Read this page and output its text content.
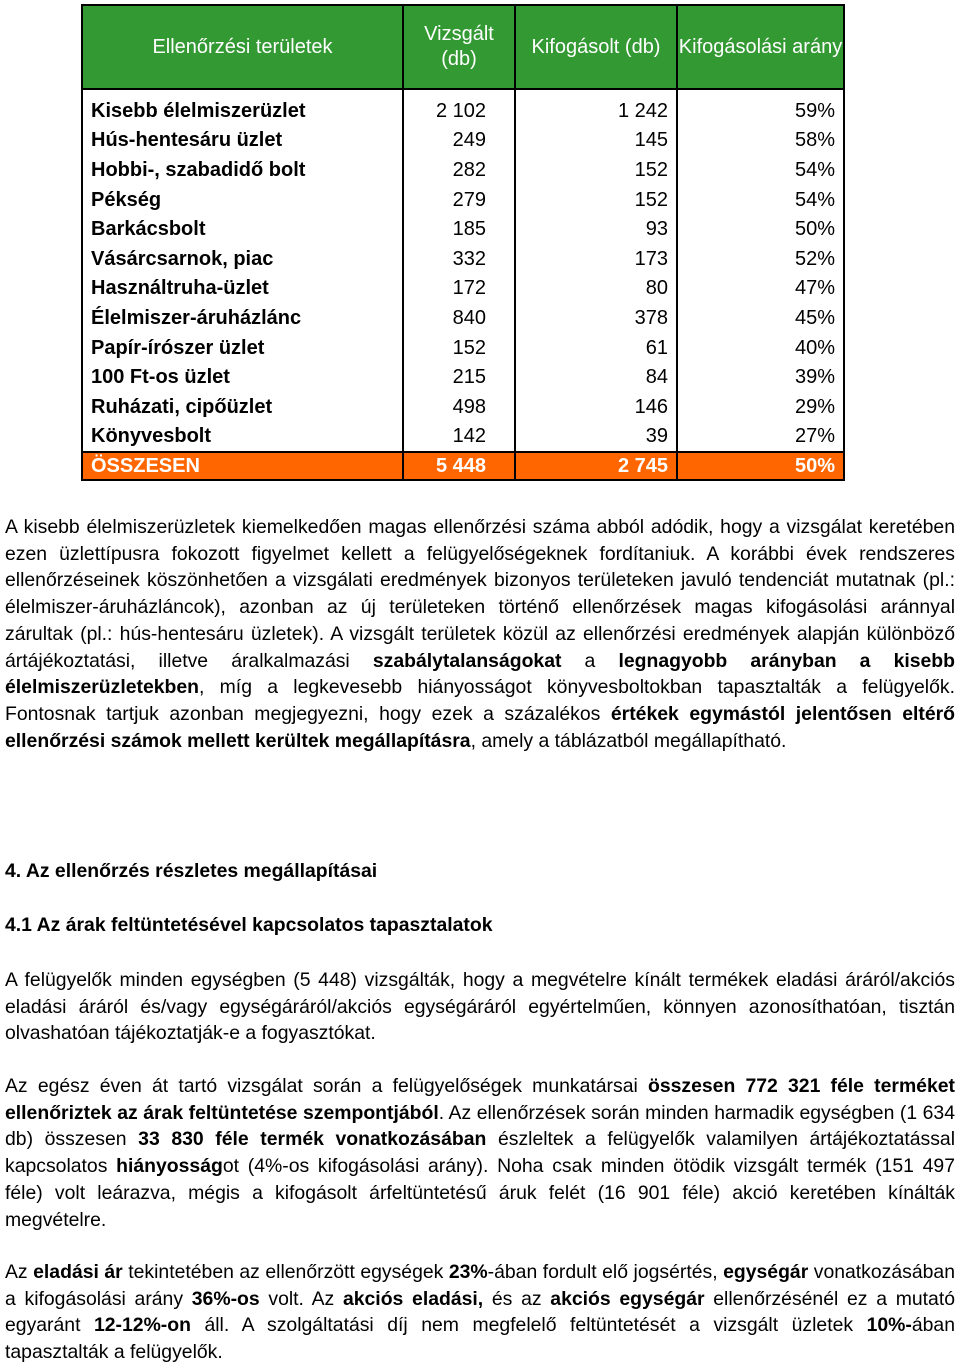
Ellenőrzési területek	Vizsgált (db)	Kifogásolt (db)	Kifogásolási arány
Kisebb élelmiszerüzlet	2 102	1 242	59%
Hús-hentesáru üzlet	249	145	58%
Hobbi-, szabadidő bolt	282	152	54%
Pékség	279	152	54%
Barkácsbolt	185	93	50%
Vásárcsarnok, piac	332	173	52%
Használtruha-üzlet	172	80	47%
Élelmiszer-áruházlánc	840	378	45%
Papír-írószer üzlet	152	61	40%
100 Ft-os üzlet	215	84	39%
Ruházati, cipőüzlet	498	146	29%
Könyvesbolt	142	39	27%
ÖSSZESEN	5 448	2 745	50%

A kisebb élelmiszerüzletek kiemelkedően magas ellenőrzési száma abból adódik, hogy a vizsgálat keretében ezen üzlettípusra fokozott figyelmet kellett a felügyelőségeknek fordítaniuk. A korábbi évek rendszeres ellenőrzéseinek köszönhetően a vizsgálati eredmények bizonyos területeken javuló tendenciát mutatnak (pl.: élelmiszer-áruházláncok), azonban az új területeken történő ellenőrzések magas kifogásolási aránnyal zárultak (pl.: hús-hentesáru üzletek). A vizsgált területek közül az ellenőrzési eredmények alapján különböző ártájékoztatási, illetve áralkalmazási szabálytalanságokat a legnagyobb arányban a kisebb élelmiszerüzletekben, míg a legkevesebb hiányosságot könyvesboltokban tapasztalták a felügyelők. Fontosnak tartjuk azonban megjegyezni, hogy ezek a százalékos értékek egymástól jelentősen eltérő ellenőrzési számok mellett kerültek megállapításra, amely a táblázatból megállapítható.

4. Az ellenőrzés részletes megállapításai

4.1 Az árak feltüntetésével kapcsolatos tapasztalatok

A felügyelők minden egységben (5 448) vizsgálták, hogy a megvételre kínált termékek eladási áráról/akciós eladási áráról és/vagy egységáráról/akciós egységáráról egyértelműen, könnyen azonosíthatóan, tisztán olvashatóan tájékoztatják-e a fogyasztókat.

Az egész éven át tartó vizsgálat során a felügyelőségek munkatársai összesen 772 321 féle terméket ellenőriztek az árak feltüntetése szempontjából. Az ellenőrzések során minden harmadik egységben (1 634 db) összesen 33 830 féle termék vonatkozásában észleltek a felügyelők valamilyen ártájékoztatással kapcsolatos hiányosságot (4%-os kifogásolási arány). Noha csak minden ötödik vizsgált termék (151 497 féle) volt leárazva, mégis a kifogásolt árfeltüntetésű áruk felét (16 901 féle) akció keretében kínálták megvételre.

Az eladási ár tekintetében az ellenőrzött egységek 23%-ában fordult elő jogsértés, egységár vonatkozásában a kifogásolási arány 36%-os volt. Az akciós eladási, és az akciós egységár ellenőrzésénél ez a mutató egyaránt 12-12%-on áll. A szolgáltatási díj nem megfelelő feltüntetését a vizsgált üzletek 10%-ában tapasztalták a felügyelők.
